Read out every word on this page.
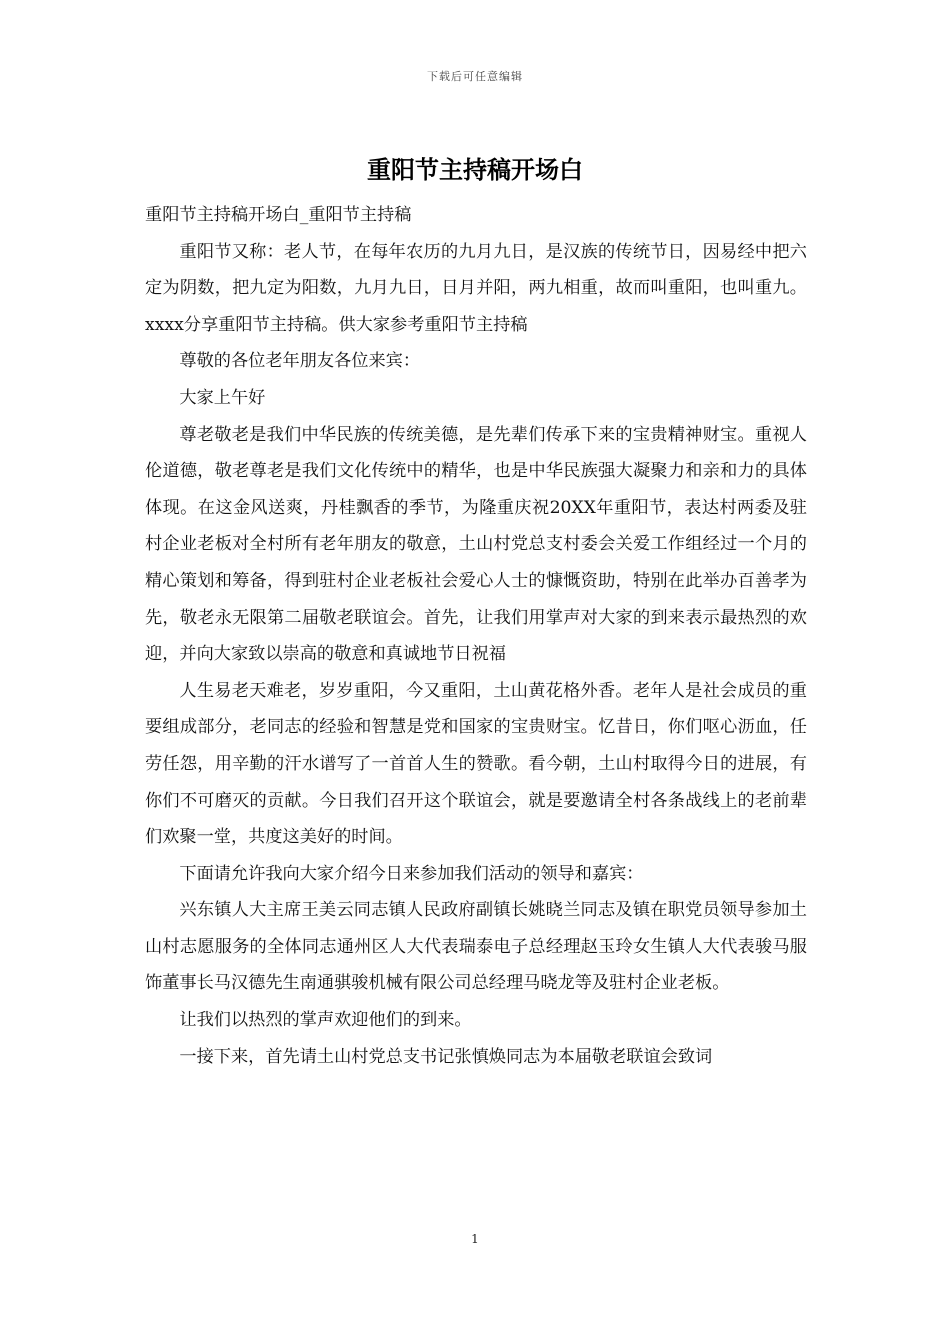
下载后可任意编辑
重阳节主持稿开场白

重阳节主持稿开场白_重阳节主持稿

重阳节又称：老人节，在每年农历的九月九日，是汉族的传统节日，因易经中把六定为阴数，把九定为阳数，九月九日，日月并阳，两九相重，故而叫重阳，也叫重九。xxxx分享重阳节主持稿。供大家参考重阳节主持稿

尊敬的各位老年朋友各位来宾：

大家上午好

尊老敬老是我们中华民族的传统美德，是先辈们传承下来的宝贵精神财宝。重视人伦道德，敬老尊老是我们文化传统中的精华，也是中华民族强大凝聚力和亲和力的具体体现。在这金风送爽，丹桂飘香的季节，为隆重庆祝20XX年重阳节，表达村两委及驻村企业老板对全村所有老年朋友的敬意，土山村党总支村委会关爱工作组经过一个月的精心策划和筹备，得到驻村企业老板社会爱心人士的慷慨资助，特别在此举办百善孝为先，敬老永无限第二届敬老联谊会。首先，让我们用掌声对大家的到来表示最热烈的欢迎，并向大家致以崇高的敬意和真诚地节日祝福

人生易老天难老，岁岁重阳，今又重阳，土山黄花格外香。老年人是社会成员的重要组成部分，老同志的经验和智慧是党和国家的宝贵财宝。忆昔日，你们呕心沥血，任劳任怨，用辛勤的汗水谱写了一首首人生的赞歌。看今朝，土山村取得今日的进展，有你们不可磨灭的贡献。今日我们召开这个联谊会，就是要邀请全村各条战线上的老前辈们欢聚一堂，共度这美好的时间。

下面请允许我向大家介绍今日来参加我们活动的领导和嘉宾：

兴东镇人大主席王美云同志镇人民政府副镇长姚晓兰同志及镇在职党员领导参加土山村志愿服务的全体同志通州区人大代表瑞泰电子总经理赵玉玲女生镇人大代表骏马服饰董事长马汉德先生南通骐骏机械有限公司总经理马晓龙等及驻村企业老板。

让我们以热烈的掌声欢迎他们的到来。

一接下来，首先请土山村党总支书记张慎焕同志为本届敬老联谊会致词

1
